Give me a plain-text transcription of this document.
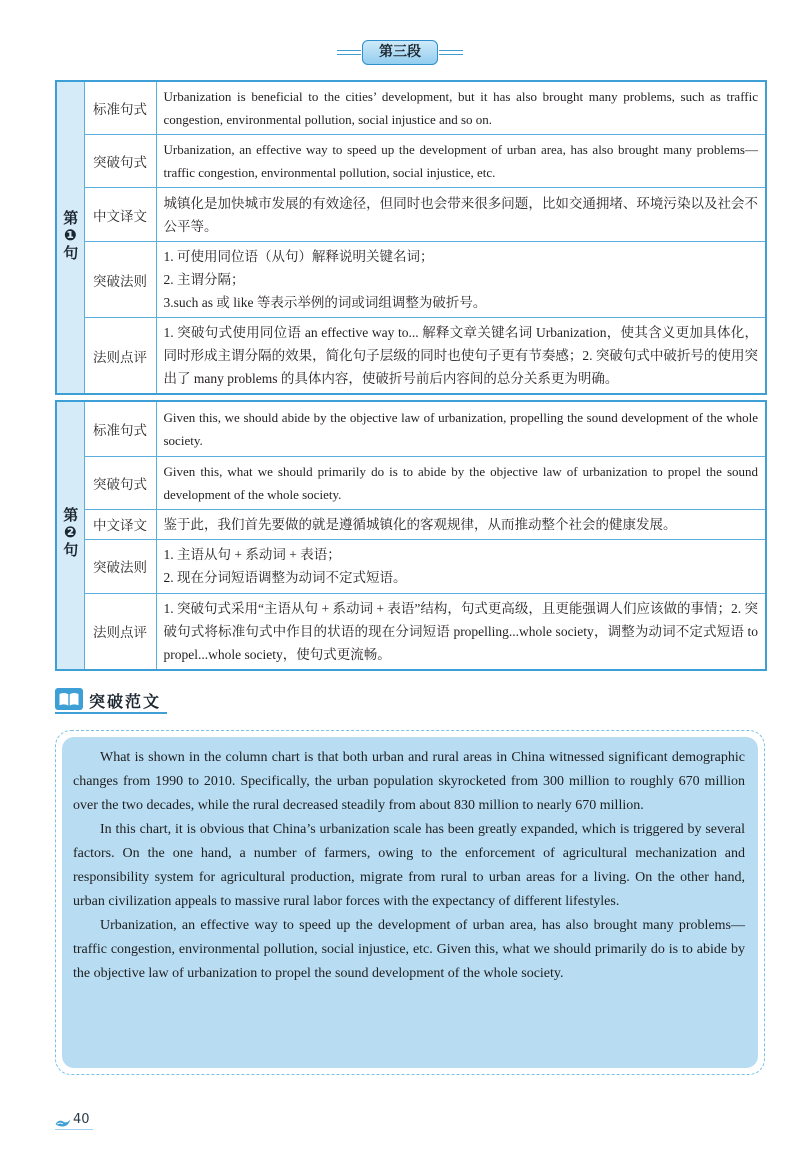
第三段
第❶句	标准句式	Urbanization is beneficial to the cities’ development, but it has also brought many problems, such as traffic congestion, environmental pollution, social injustice and so on.
	突破句式	Urbanization, an effective way to speed up the development of urban area, has also brought many problems—traffic congestion, environmental pollution, social injustice, etc.
	中文译文	城镇化是加快城市发展的有效途径，但同时也会带来很多问题，比如交通拥堵、环境污染以及社会不公平等。
	突破法则	1. 可使用同位语（从句）解释说明关键名词；
2. 主谓分隔；
3.such as 或 like 等表示举例的词或词组调整为破折号。

	法则点评	1. 突破句式使用同位语 an effective way to... 解释文章关键名词 Urbanization，使其含义更加具体化，同时形成主谓分隔的效果，简化句子层级的同时也使句子更有节奏感；2. 突破句式中破折号的使用突出了 many problems 的具体内容，使破折号前后内容间的总分关系更为明确。
第❷句	标准句式	Given this, we should abide by the objective law of urbanization, propelling the sound development of the whole society.
	突破句式	Given this, what we should primarily do is to abide by the objective law of urbanization to propel the sound development of the whole society.
	中文译文	鉴于此，我们首先要做的就是遵循城镇化的客观规律，从而推动整个社会的健康发展。
	突破法则	1. 主语从句 + 系动词 + 表语；
2. 现在分词短语调整为动词不定式短语。

	法则点评	1. 突破句式采用“主语从句 + 系动词 + 表语”结构，句式更高级，且更能强调人们应该做的事情；2. 突破句式将标准句式中作目的状语的现在分词短语 propelling...whole society，调整为动词不定式短语 to propel...whole society，使句式更流畅。
突破范文

What is shown in the column chart is that both urban and rural areas in China witnessed significant demographic changes from 1990 to 2010. Specifically, the urban population skyrocketed from 300 million to roughly 670 million over the two decades, while the rural decreased steadily from about 830 million to nearly 670 million.

In this chart, it is obvious that China’s urbanization scale has been greatly expanded, which is triggered by several factors. On the one hand, a number of farmers, owing to the enforcement of agricultural mechanization and responsibility system for agricultural production, migrate from rural to urban areas for a living. On the other hand, urban civilization appeals to massive rural labor forces with the expectancy of different lifestyles.

Urbanization, an effective way to speed up the development of urban area, has also brought many problems—traffic congestion, environmental pollution, social injustice, etc. Given this, what we should primarily do is to abide by the objective law of urbanization to propel the sound development of the whole society.

40
